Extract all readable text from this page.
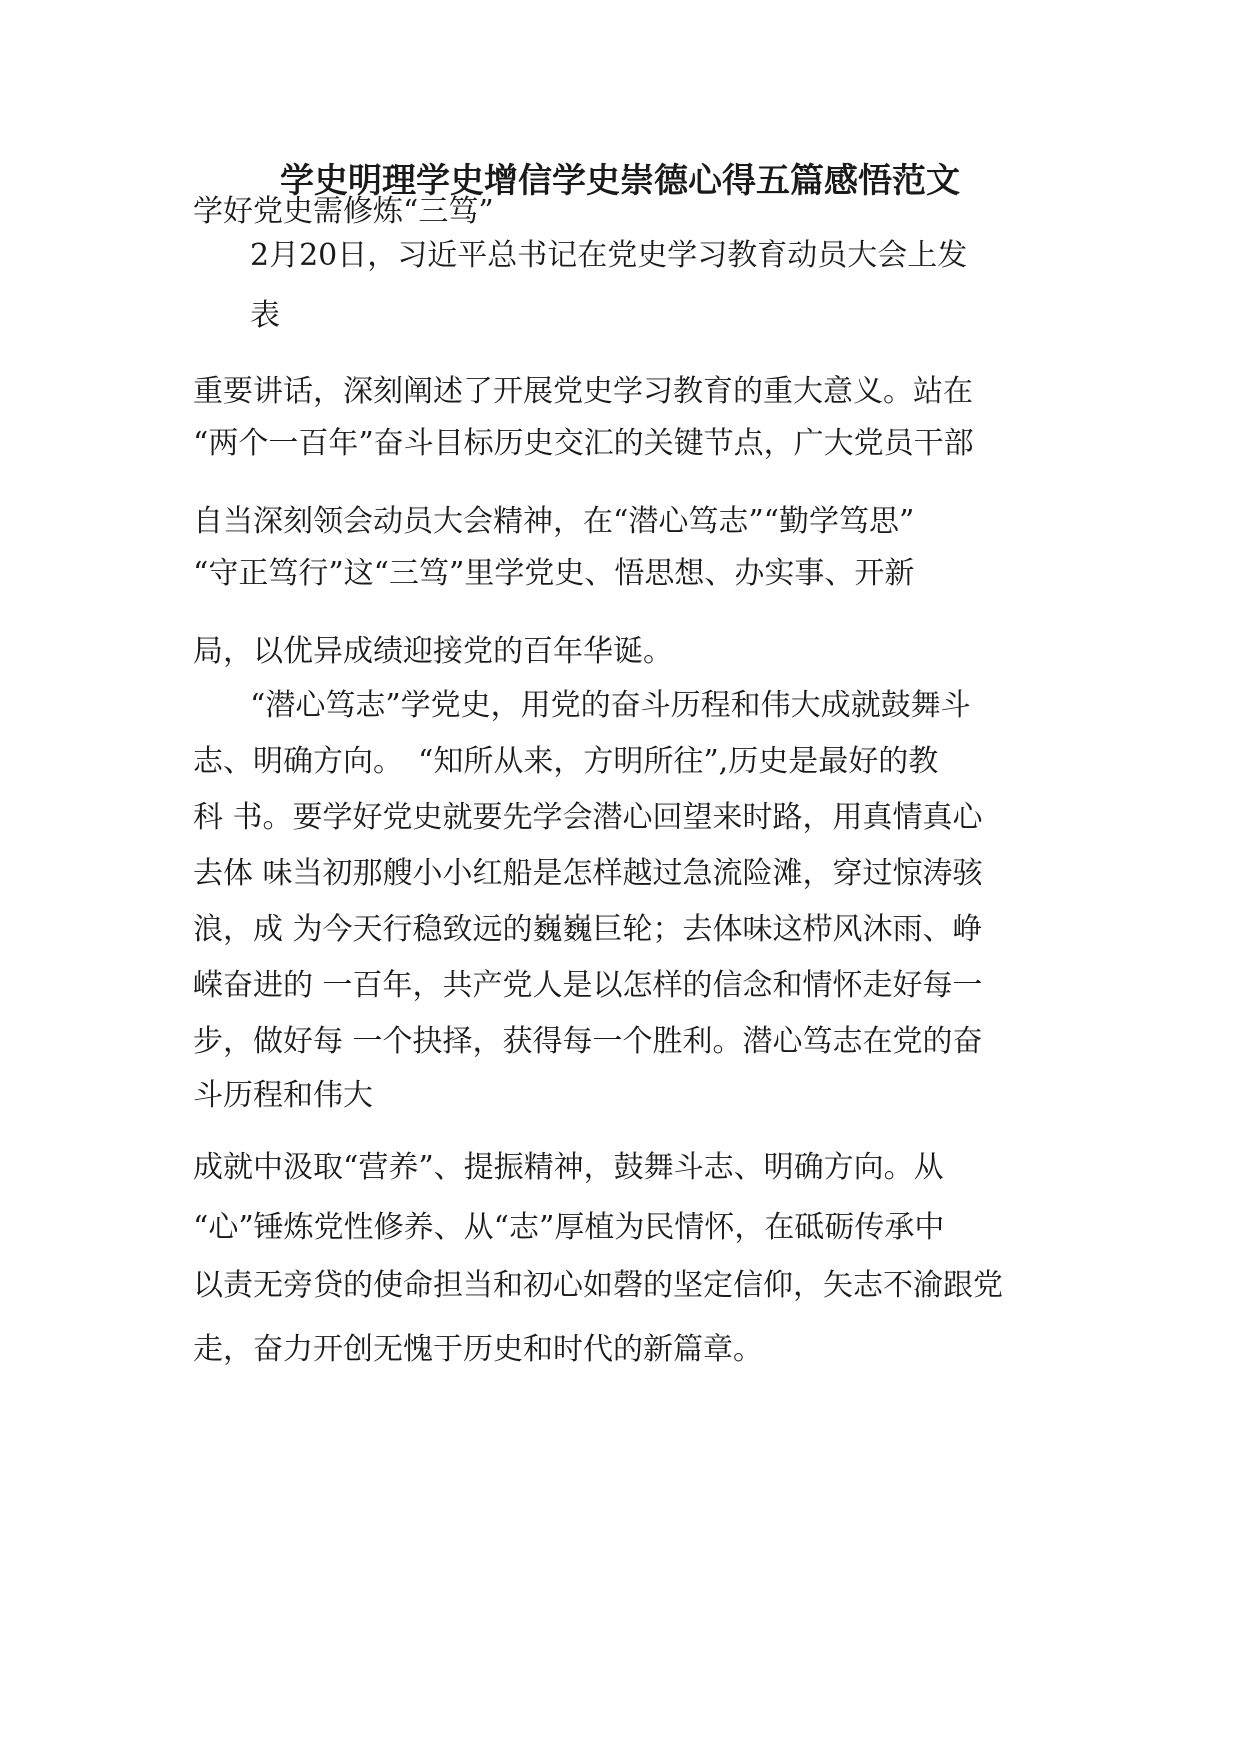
学史明理学史增信学史崇德心得五篇感悟范文
学好党史需修炼“三笃”
2月20日，习近平总书记在党史学习教育动员大会上发
表
重要讲话，深刻阐述了开展党史学习教育的重大意义。站在
“两个一百年”奋斗目标历史交汇的关键节点，广大党员干部
自当深刻领会动员大会精神，在“潜心笃志”“勤学笃思”
“守正笃行”这“三笃”里学党史、悟思想、办实事、开新
局，以优异成绩迎接党的百年华诞。
“潜心笃志”学党史，用党的奋斗历程和伟大成就鼓舞斗
志、明确方向。　“知所从来，方明所往”,历史是最好的教
科 书。要学好党史就要先学会潜心回望来时路，用真情真心
去体 味当初那艘小小红船是怎样越过急流险滩，穿过惊涛骇
浪，成 为今天行稳致远的巍巍巨轮；去体味这栉风沐雨、峥
嵘奋进的 一百年，共产党人是以怎样的信念和情怀走好每一
步，做好每 一个抉择，获得每一个胜利。潜心笃志在党的奋
斗历程和伟大
成就中汲取“营养”、提振精神，鼓舞斗志、明确方向。从
“心”锤炼党性修养、从“志”厚植为民情怀，在砥砺传承中
以责无旁贷的使命担当和初心如磬的坚定信仰，矢志不渝跟党
走，奋力开创无愧于历史和时代的新篇章。
